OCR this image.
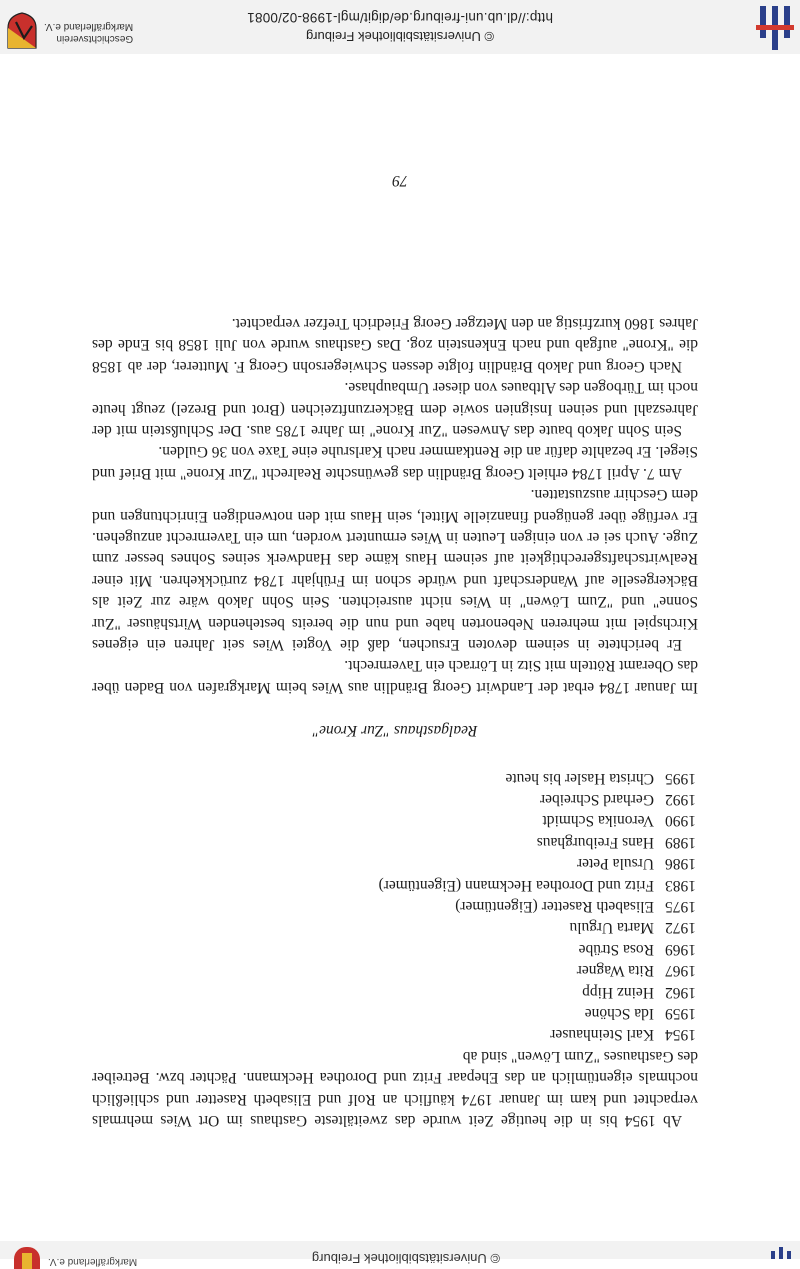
© Universitätsbibliothek Freiburg
Markgräflerland e.V.

Ab 1954 bis in die heutige Zeit wurde das zweitälteste Gasthaus im Ort Wies mehrmals verpachtet und kam im Januar 1974 käuflich an Rolf und Elisabeth Rasetter und schließlich nochmals eigentümlich an das Ehepaar Fritz und Dorothea Heckmann. Pächter bzw. Betreiber des Gasthauses "Zum Löwen" sind ab

1954
Karl Steinhauser
1959
Ida Schöne
1962
Heinz Hipp
1967
Rita Wagner
1969
Rosa Strübe
1972
Marta Urgulu
1975
Elisabeth Rasetter (Eigentümer)
1983
Fritz und Dorothea Heckmann (Eigentümer)
1986
Ursula Peter
1989
Hans Freiburghaus
1990
Veronika Schmidt
1992
Gerhard Schreiber
1995
Christa Hasler bis heute
Realgasthaus "Zur Krone"

Im Januar 1784 erbat der Landwirt Georg Brändlin aus Wies beim Markgrafen von Baden über das Oberamt Rötteln mit Sitz in Lörrach ein Tavernrecht.

Er berichtete in seinem devoten Ersuchen, daß die Vogtei Wies seit Jahren ein eigenes Kirchspiel mit mehreren Nebenorten habe und nun die bereits bestehenden Wirtshäuser "Zur Sonne" und "Zum Löwen" in Wies nicht ausreichten. Sein Sohn Jakob wäre zur Zeit als Bäckergeselle auf Wanderschaft und würde schon im Frühjahr 1784 zurückkehren. Mit einer Realwirtschaftsgerechtigkeit auf seinem Haus käme das Handwerk seines Sohnes besser zum Zuge. Auch sei er von einigen Leuten in Wies ermuntert worden, um ein Tavernrecht anzugehen. Er verfüge über genügend finanzielle Mittel, sein Haus mit den notwendigen Einrichtungen und dem Geschirr auszustatten.

Am 7. April 1784 erhielt Georg Brändlin das gewünschte Realrecht "Zur Krone" mit Brief und Siegel. Er bezahlte dafür an die Rentkammer nach Karlsruhe eine Taxe von 36 Gulden.

Sein Sohn Jakob baute das Anwesen "Zur Krone" im Jahre 1785 aus. Der Schlußstein mit der Jahreszahl und seinen Insignien sowie dem Bäckerzunftzeichen (Brot und Brezel) zeugt heute noch im Türbogen des Altbaues von dieser Umbauphase.

Nach Georg und Jakob Brändlin folgte dessen Schwiegersohn Georg F. Mutterer, der ab 1858 die "Krone" aufgab und nach Enkenstein zog. Das Gasthaus wurde von Juli 1858 bis Ende des Jahres 1860 kurzfristig an den Metzger Georg Friedrich Trefzer verpachtet.

79
© Universitätsbibliothek Freiburg
http://dl.ub.uni-freiburg.de/digit/mgl-1998-02/0081
Geschichtsverein
Markgräflerland e.V.
